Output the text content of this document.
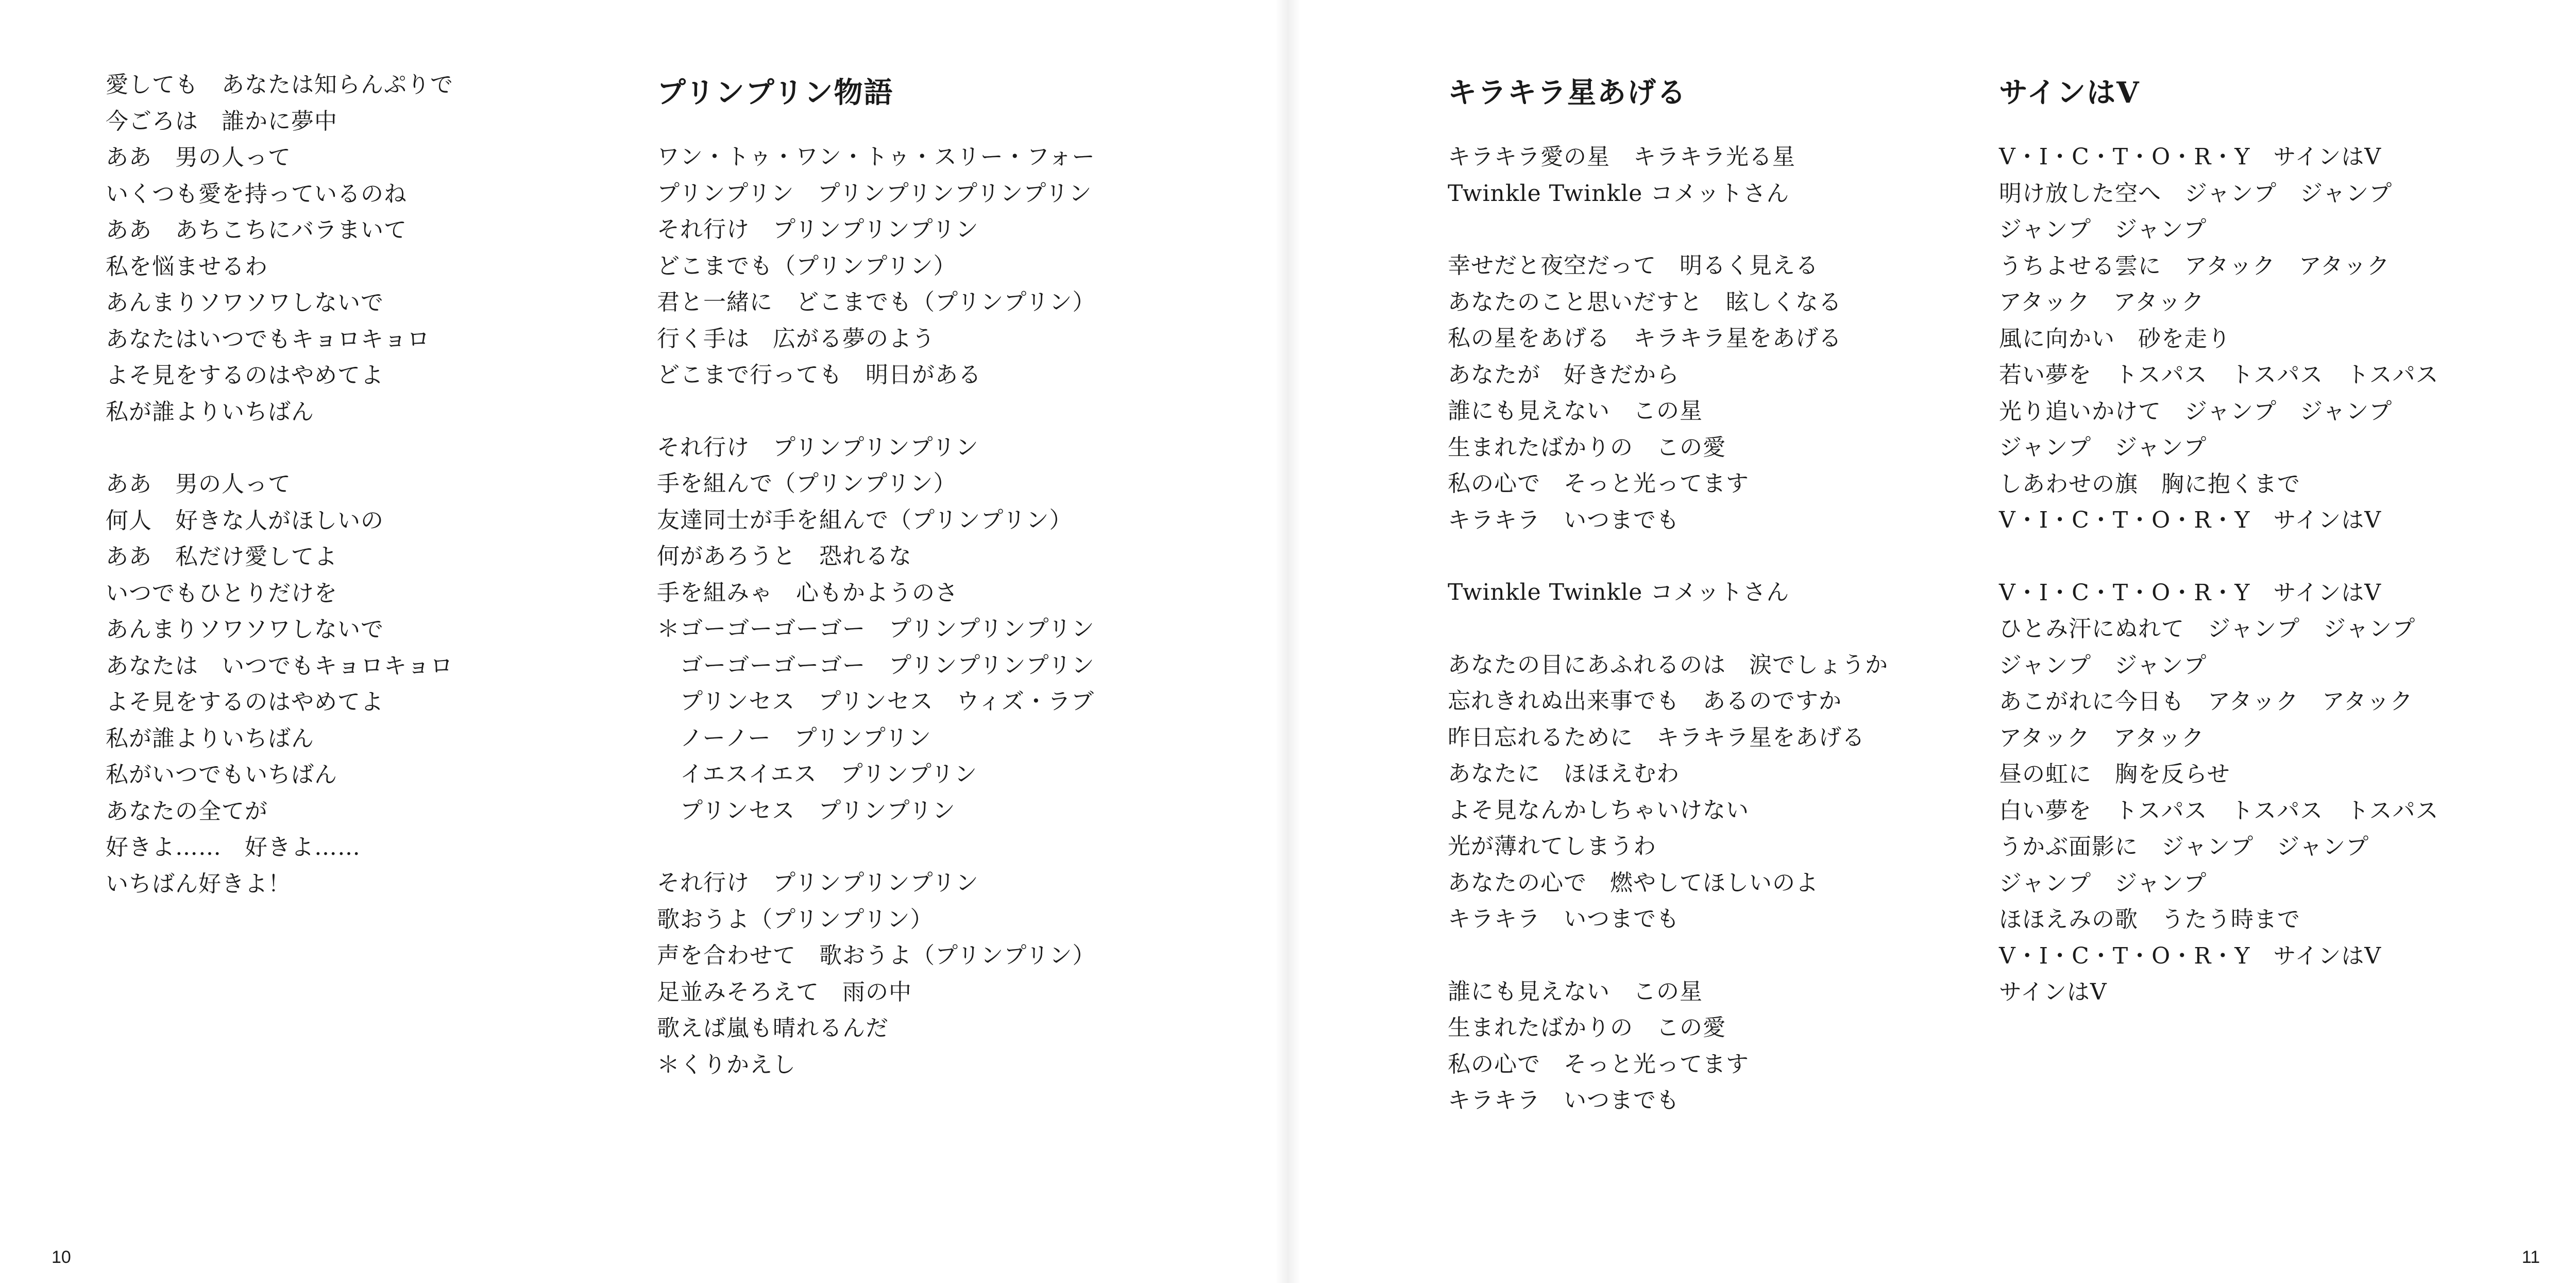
愛しても　あなたは知らんぷりで
今ごろは　誰かに夢中
ああ　男の人って
いくつも愛を持っているのね
ああ　あちこちにバラまいて
私を悩ませるわ
あんまりソワソワしないで
あなたはいつでもキョロキョロ
よそ見をするのはやめてよ
私が誰よりいちばん
ああ　男の人って
何人　好きな人がほしいの
ああ　私だけ愛してよ
いつでもひとりだけを
あんまりソワソワしないで
あなたは　いつでもキョロキョロ
よそ見をするのはやめてよ
私が誰よりいちばん
私がいつでもいちばん
あなたの全てが
好きよ……　好きよ……
いちばん好きよ！
プリンプリン物語
ワン・トゥ・ワン・トゥ・スリー・フォー
プリンプリン　プリンプリンプリンプリン
それ行け　プリンプリンプリン
どこまでも（プリンプリン）
君と一緒に　どこまでも（プリンプリン）
行く手は　広がる夢のよう
どこまで行っても　明日がある
それ行け　プリンプリンプリン
手を組んで（プリンプリン）
友達同士が手を組んで（プリンプリン）
何があろうと　恐れるな
手を組みゃ　心もかようのさ
＊ゴーゴーゴーゴー　プリンプリンプリン
ゴーゴーゴーゴー　プリンプリンプリン
プリンセス　プリンセス　ウィズ・ラブ
ノーノー　プリンプリン
イエスイエス　プリンプリン
プリンセス　プリンプリン
それ行け　プリンプリンプリン
歌おうよ（プリンプリン）
声を合わせて　歌おうよ（プリンプリン）
足並みそろえて　雨の中
歌えば嵐も晴れるんだ
＊くりかえし
10	11
キラキラ星あげる
キラキラ愛の星　キラキラ光る星
Twinkle Twinkle コメットさん
幸せだと夜空だって　明るく見える
あなたのこと思いだすと　眩しくなる
私の星をあげる　キラキラ星をあげる
あなたが　好きだから
誰にも見えない　この星
生まれたばかりの　この愛
私の心で　そっと光ってます
キラキラ　いつまでも
Twinkle Twinkle コメットさん
あなたの目にあふれるのは　涙でしょうか
忘れきれぬ出来事でも　あるのですか
昨日忘れるために　キラキラ星をあげる
あなたに　ほほえむわ
よそ見なんかしちゃいけない
光が薄れてしまうわ
あなたの心で　燃やしてほしいのよ
キラキラ　いつまでも
誰にも見えない　この星
生まれたばかりの　この愛
私の心で　そっと光ってます
キラキラ　いつまでも
サインはV
V・I・C・T・O・R・Y　サインはV
明け放した空へ　ジャンプ　ジャンプ
ジャンプ　ジャンプ
うちよせる雲に　アタック　アタック
アタック　アタック
風に向かい　砂を走り
若い夢を　トスパス　トスパス　トスパス
光り追いかけて　ジャンプ　ジャンプ
ジャンプ　ジャンプ
しあわせの旗　胸に抱くまで
V・I・C・T・O・R・Y　サインはV
V・I・C・T・O・R・Y　サインはV
ひとみ汗にぬれて　ジャンプ　ジャンプ
ジャンプ　ジャンプ
あこがれに今日も　アタック　アタック
アタック　アタック
昼の虹に　胸を反らせ
白い夢を　トスパス　トスパス　トスパス
うかぶ面影に　ジャンプ　ジャンプ
ジャンプ　ジャンプ
ほほえみの歌　うたう時まで
V・I・C・T・O・R・Y　サインはV
サインはV
